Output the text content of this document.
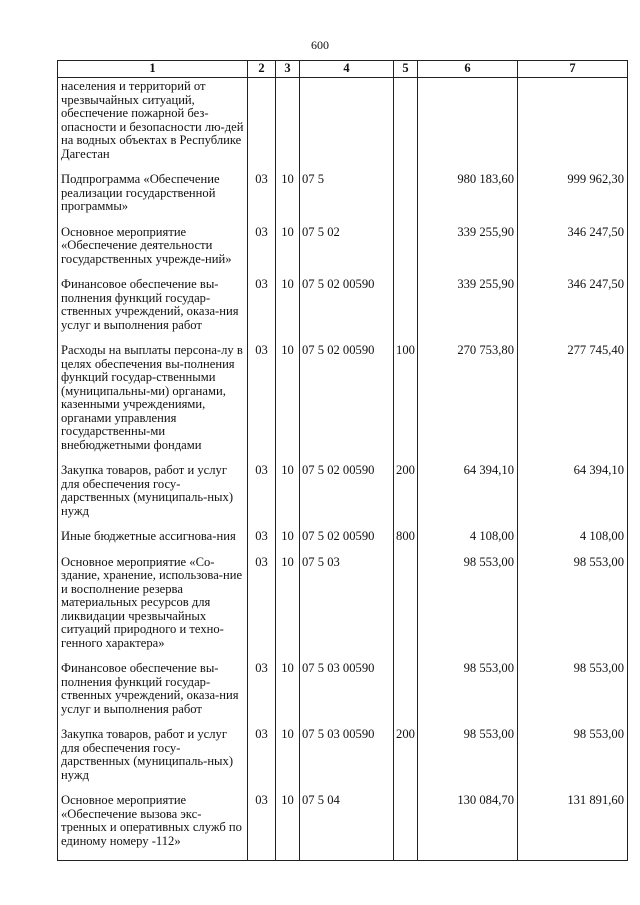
600
1	2	3	4	5	6	7
населения и территорий от чрезвычайных ситуаций, обеспечение пожарной без-опасности и безопасности лю-дей на водных объектах в Республике Дагестан						
Подпрограмма «Обеспечение реализации государственной программы»	03	10	07 5		980 183,60	999 962,30
Основное мероприятие «Обеспечение деятельности государственных учрежде-ний»	03	10	07 5 02		339 255,90	346 247,50
Финансовое обеспечение вы-полнения функций государ-ственных учреждений, оказа-ния услуг и выполнения работ	03	10	07 5 02 00590		339 255,90	346 247,50
Расходы на выплаты персона-лу в целях обеспечения вы-полнения функций государ-ственными (муниципальны-ми) органами, казенными учреждениями, органами управления государственны-ми внебюджетными фондами	03	10	07 5 02 00590	100	270 753,80	277 745,40
Закупка товаров, работ и услуг для обеспечения госу-дарственных (муниципаль-ных) нужд	03	10	07 5 02 00590	200	64 394,10	64 394,10
Иные бюджетные ассигнова-ния	03	10	07 5 02 00590	800	4 108,00	4 108,00
Основное мероприятие «Со-здание, хранение, использова-ние и восполнение резерва материальных ресурсов для ликвидации чрезвычайных ситуаций природного и техно-генного характера»	03	10	07 5 03		98 553,00	98 553,00
Финансовое обеспечение вы-полнения функций государ-ственных учреждений, оказа-ния услуг и выполнения работ	03	10	07 5 03 00590		98 553,00	98 553,00
Закупка товаров, работ и услуг для обеспечения госу-дарственных (муниципаль-ных) нужд	03	10	07 5 03 00590	200	98 553,00	98 553,00
Основное мероприятие «Обеспечение вызова экс-тренных и оперативных служб по единому номеру -112»	03	10	07 5 04		130 084,70	131 891,60
